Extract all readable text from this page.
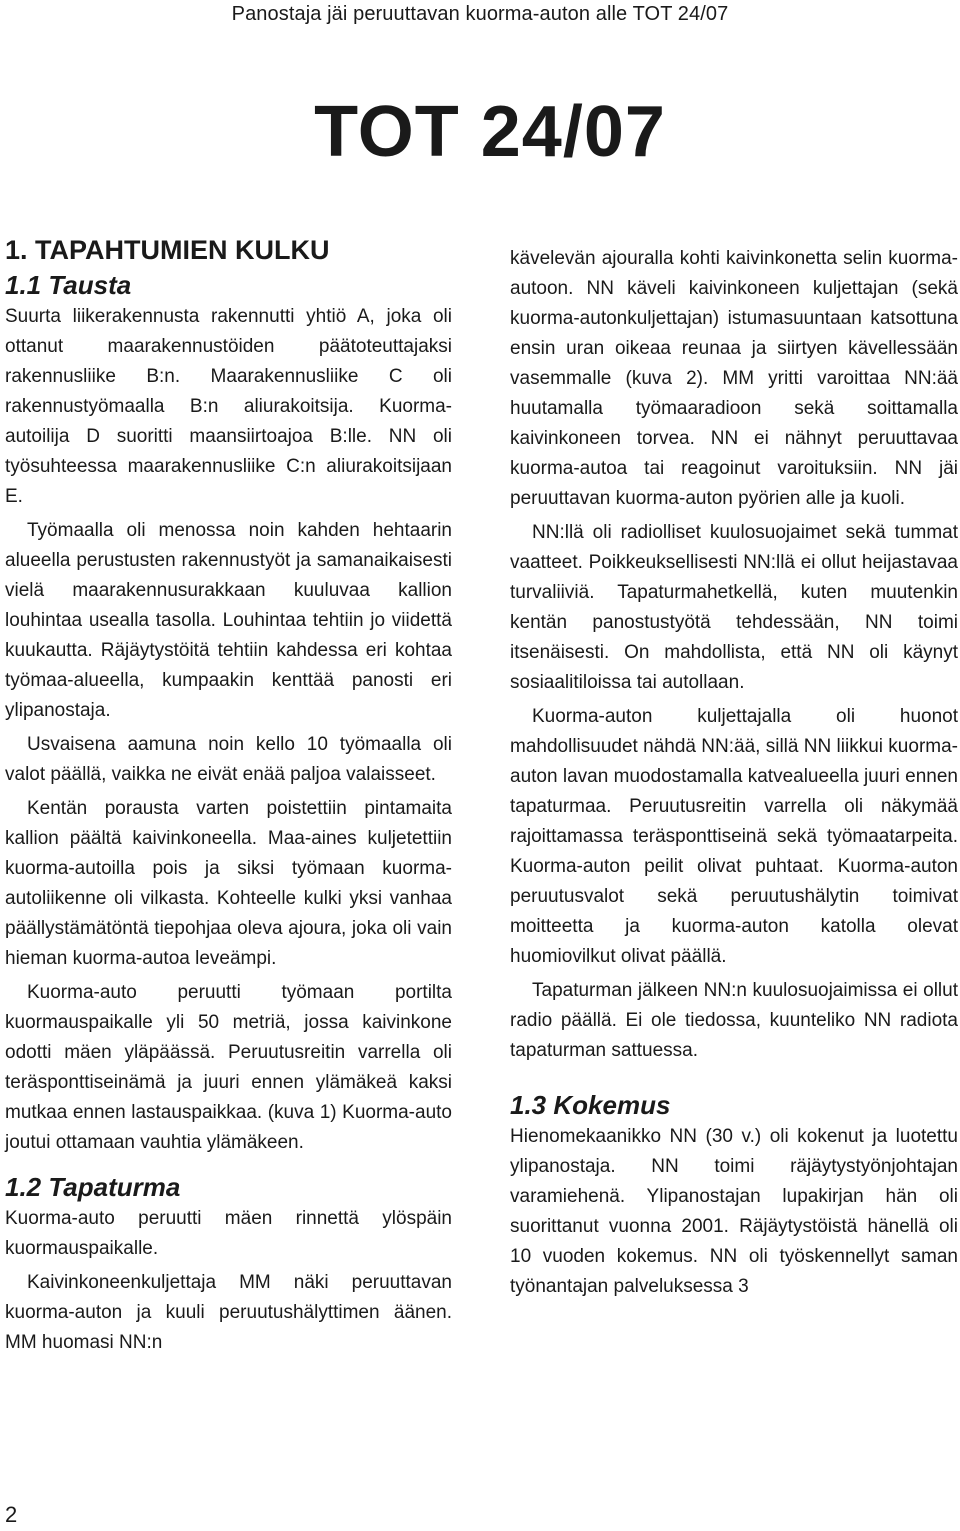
Panostaja jäi peruuttavan kuorma-auton alle TOT 24/07
TOT 24/07
1. TAPAHTUMIEN KULKU
1.1 Tausta

Suurta liikerakennusta rakennutti yhtiö A, joka oli ottanut maarakennustöiden päätoteuttajaksi rakennusliike B:n. Maarakennusliike C oli rakennustyömaalla B:n aliurakoitsija. Kuorma-autoilija D suoritti maansiirtoajoa B:lle. NN oli työsuhteessa maarakennusliike C:n aliurakoitsijaan E.

Työmaalla oli menossa noin kahden hehtaarin alueella perustusten rakennustyöt ja samanaikaisesti vielä maarakennusurakkaan kuuluvaa kallion louhintaa usealla tasolla. Louhintaa tehtiin jo viidettä kuukautta. Räjäytystöitä tehtiin kahdessa eri kohtaa työmaa-alueella, kumpaakin kenttää panosti eri ylipanostaja.

Usvaisena aamuna noin kello 10 työmaalla oli valot päällä, vaikka ne eivät enää paljoa valaisseet.

Kentän porausta varten poistettiin pintamaita kallion päältä kaivinkoneella. Maa-aines kuljetettiin kuorma-autoilla pois ja siksi työmaan kuorma-autoliikenne oli vilkasta. Kohteelle kulki yksi vanhaa päällystämätöntä tiepohjaa oleva ajoura, joka oli vain hieman kuorma-autoa leveämpi.

Kuorma-auto peruutti työmaan portilta kuormauspaikalle yli 50 metriä, jossa kaivinkone odotti mäen yläpäässä. Peruutusreitin varrella oli teräsponttiseinämä ja juuri ennen ylämäkeä kaksi mutkaa ennen lastauspaikkaa. (kuva 1) Kuorma-auto joutui ottamaan vauhtia ylämäkeen.

1.2 Tapaturma

Kuorma-auto peruutti mäen rinnettä ylöspäin kuormauspaikalle.

Kaivinkoneenkuljettaja MM näki peruuttavan kuorma-auton ja kuuli peruutushälyttimen äänen. MM huomasi NN:n

kävelevän ajouralla kohti kaivinkonetta selin kuorma-autoon. NN käveli kaivinkoneen kuljettajan (sekä kuorma-autonkuljettajan) istumasuuntaan katsottuna ensin uran oikeaa reunaa ja siirtyen kävellessään vasemmalle (kuva 2). MM yritti varoittaa NN:ää huutamalla työmaaradioon sekä soittamalla kaivinkoneen torvea. NN ei nähnyt peruuttavaa kuorma-autoa tai reagoinut varoituksiin. NN jäi peruuttavan kuorma-auton pyörien alle ja kuoli.

NN:llä oli radiolliset kuulosuojaimet sekä tummat vaatteet. Poikkeuksellisesti NN:llä ei ollut heijastavaa turvaliiviä. Tapaturmahetkellä, kuten muutenkin kentän panostustyötä tehdessään, NN toimi itsenäisesti. On mahdollista, että NN oli käynyt sosiaalitiloissa tai autollaan.

Kuorma-auton kuljettajalla oli huonot mahdollisuudet nähdä NN:ää, sillä NN liikkui kuorma-auton lavan muodostamalla katvealueella juuri ennen tapaturmaa. Peruutusreitin varrella oli näkymää rajoittamassa teräsponttiseinä sekä työmaatarpeita. Kuorma-auton peilit olivat puhtaat. Kuorma-auton peruutusvalot sekä peruutushälytin toimivat moitteetta ja kuorma-auton katolla olevat huomiovilkut olivat päällä.

Tapaturman jälkeen NN:n kuulosuojaimissa ei ollut radio päällä. Ei ole tiedossa, kuunteliko NN radiota tapaturman sattuessa.

1.3 Kokemus

Hienomekaanikko NN (30 v.) oli kokenut ja luotettu ylipanostaja. NN toimi räjäytystyönjohtajan varamiehenä. Ylipanostajan lupakirjan hän oli suorittanut vuonna 2001. Räjäytystöistä hänellä oli 10 vuoden kokemus. NN oli työskennellyt saman työnantajan palveluksessa 3

2
